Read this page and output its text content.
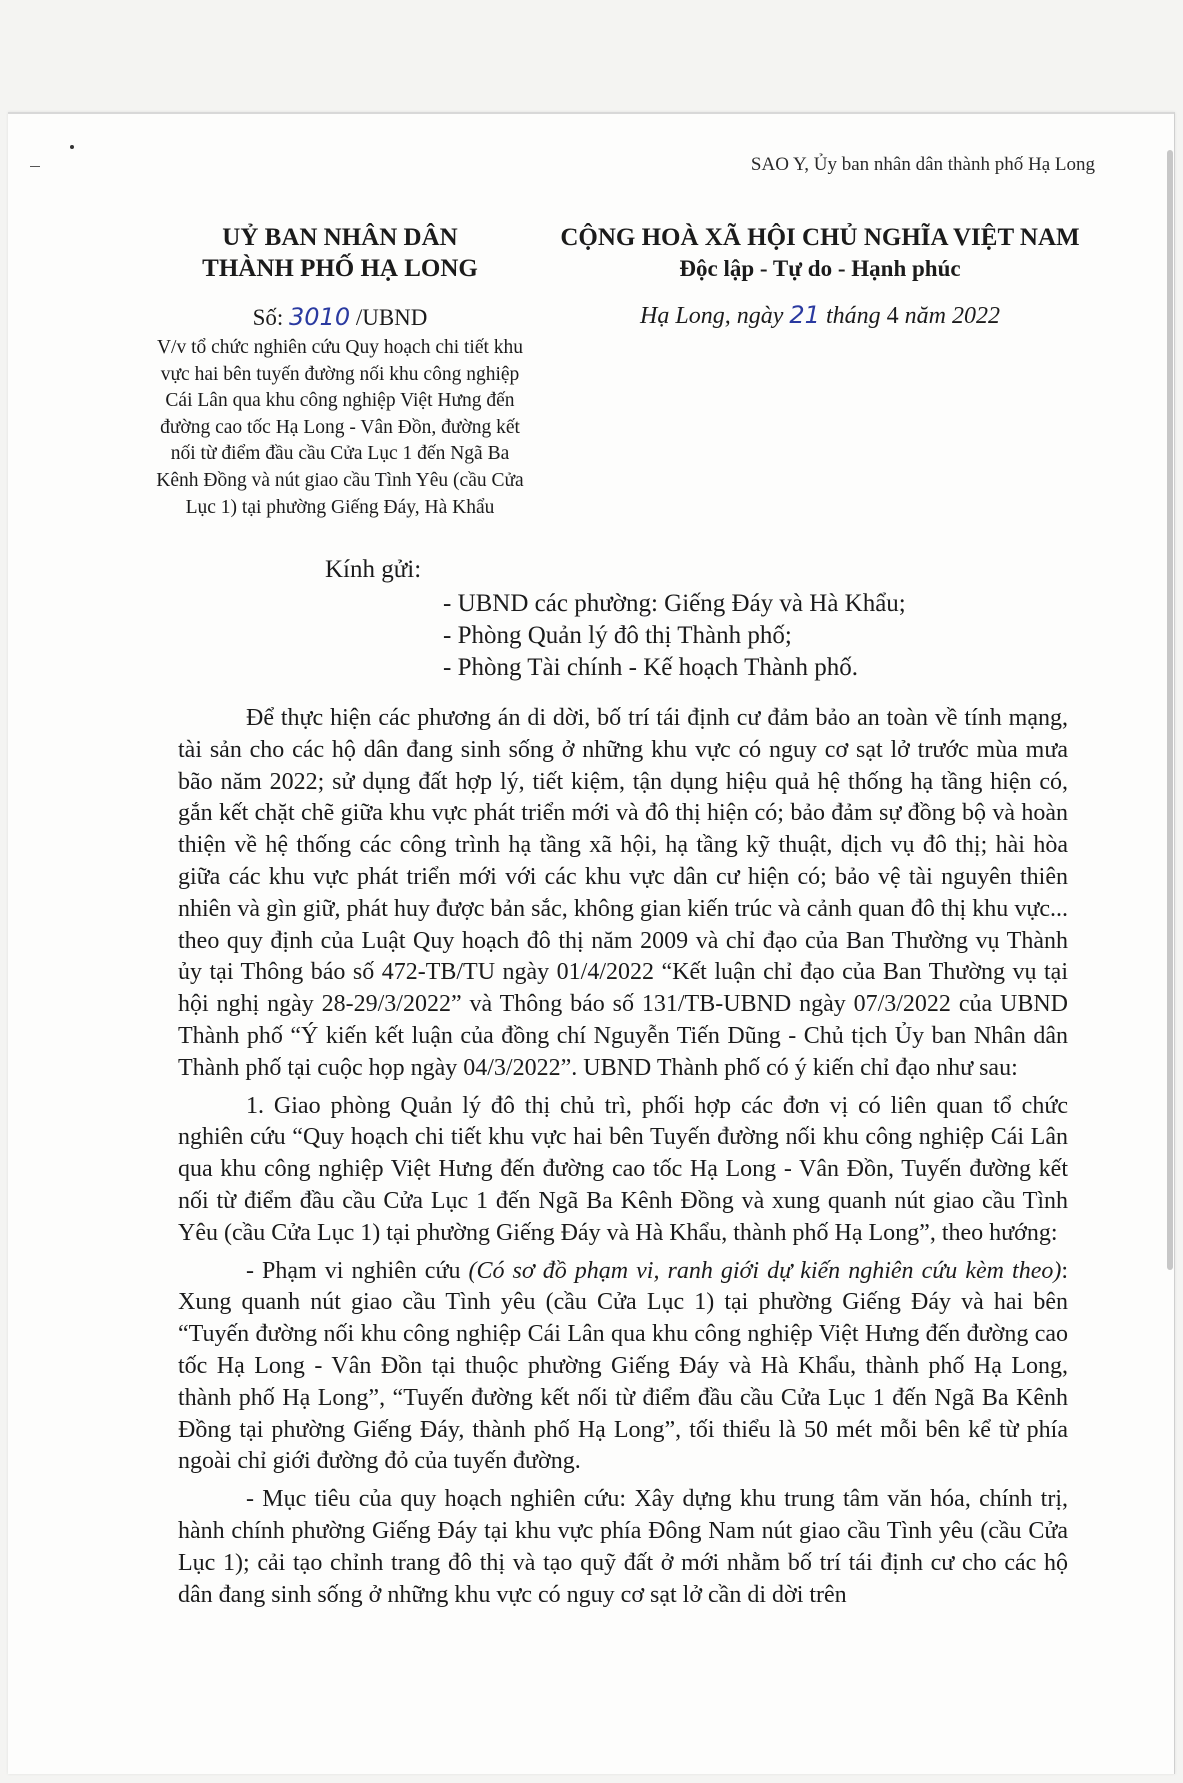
SAO Y, Ủy ban nhân dân thành phố Hạ Long
UỶ BAN NHÂN DÂN
THÀNH PHỐ HẠ LONG
Số: 3010 /UBND
V/v tổ chức nghiên cứu Quy hoạch chi tiết khu vực hai bên tuyến đường nối khu công nghiệp Cái Lân qua khu công nghiệp Việt Hưng đến đường cao tốc Hạ Long - Vân Đồn, đường kết nối từ điểm đầu cầu Cửa Lục 1 đến Ngã Ba Kênh Đồng và nút giao cầu Tình Yêu (cầu Cửa Lục 1) tại phường Giếng Đáy, Hà Khẩu
CỘNG HOÀ XÃ HỘI CHỦ NGHĨA VIỆT NAM
Độc lập - Tự do - Hạnh phúc
Hạ Long, ngày 21 tháng 4 năm 2022
Kính gửi:
- UBND các phường: Giếng Đáy và Hà Khẩu;
- Phòng Quản lý đô thị Thành phố;
- Phòng Tài chính - Kế hoạch Thành phố.

Để thực hiện các phương án di dời, bố trí tái định cư đảm bảo an toàn về tính mạng, tài sản cho các hộ dân đang sinh sống ở những khu vực có nguy cơ sạt lở trước mùa mưa bão năm 2022; sử dụng đất hợp lý, tiết kiệm, tận dụng hiệu quả hệ thống hạ tầng hiện có, gắn kết chặt chẽ giữa khu vực phát triển mới và đô thị hiện có; bảo đảm sự đồng bộ và hoàn thiện về hệ thống các công trình hạ tầng xã hội, hạ tầng kỹ thuật, dịch vụ đô thị; hài hòa giữa các khu vực phát triển mới với các khu vực dân cư hiện có; bảo vệ tài nguyên thiên nhiên và gìn giữ, phát huy được bản sắc, không gian kiến trúc và cảnh quan đô thị khu vực... theo quy định của Luật Quy hoạch đô thị năm 2009 và chỉ đạo của Ban Thường vụ Thành ủy tại Thông báo số 472-TB/TU ngày 01/4/2022 “Kết luận chỉ đạo của Ban Thường vụ tại hội nghị ngày 28-29/3/2022” và Thông báo số 131/TB-UBND ngày 07/3/2022 của UBND Thành phố “Ý kiến kết luận của đồng chí Nguyễn Tiến Dũng - Chủ tịch Ủy ban Nhân dân Thành phố tại cuộc họp ngày 04/3/2022”. UBND Thành phố có ý kiến chỉ đạo như sau:

1. Giao phòng Quản lý đô thị chủ trì, phối hợp các đơn vị có liên quan tổ chức nghiên cứu “Quy hoạch chi tiết khu vực hai bên Tuyến đường nối khu công nghiệp Cái Lân qua khu công nghiệp Việt Hưng đến đường cao tốc Hạ Long - Vân Đồn, Tuyến đường kết nối từ điểm đầu cầu Cửa Lục 1 đến Ngã Ba Kênh Đồng và xung quanh nút giao cầu Tình Yêu (cầu Cửa Lục 1) tại phường Giếng Đáy và Hà Khẩu, thành phố Hạ Long”, theo hướng:

- Phạm vi nghiên cứu (Có sơ đồ phạm vi, ranh giới dự kiến nghiên cứu kèm theo): Xung quanh nút giao cầu Tình yêu (cầu Cửa Lục 1) tại phường Giếng Đáy và hai bên “Tuyến đường nối khu công nghiệp Cái Lân qua khu công nghiệp Việt Hưng đến đường cao tốc Hạ Long - Vân Đồn tại thuộc phường Giếng Đáy và Hà Khẩu, thành phố Hạ Long, thành phố Hạ Long”, “Tuyến đường kết nối từ điểm đầu cầu Cửa Lục 1 đến Ngã Ba Kênh Đồng tại phường Giếng Đáy, thành phố Hạ Long”, tối thiểu là 50 mét mỗi bên kể từ phía ngoài chỉ giới đường đỏ của tuyến đường.

- Mục tiêu của quy hoạch nghiên cứu: Xây dựng khu trung tâm văn hóa, chính trị, hành chính phường Giếng Đáy tại khu vực phía Đông Nam nút giao cầu Tình yêu (cầu Cửa Lục 1); cải tạo chỉnh trang đô thị và tạo quỹ đất ở mới nhằm bố trí tái định cư cho các hộ dân đang sinh sống ở những khu vực có nguy cơ sạt lở cần di dời trên
